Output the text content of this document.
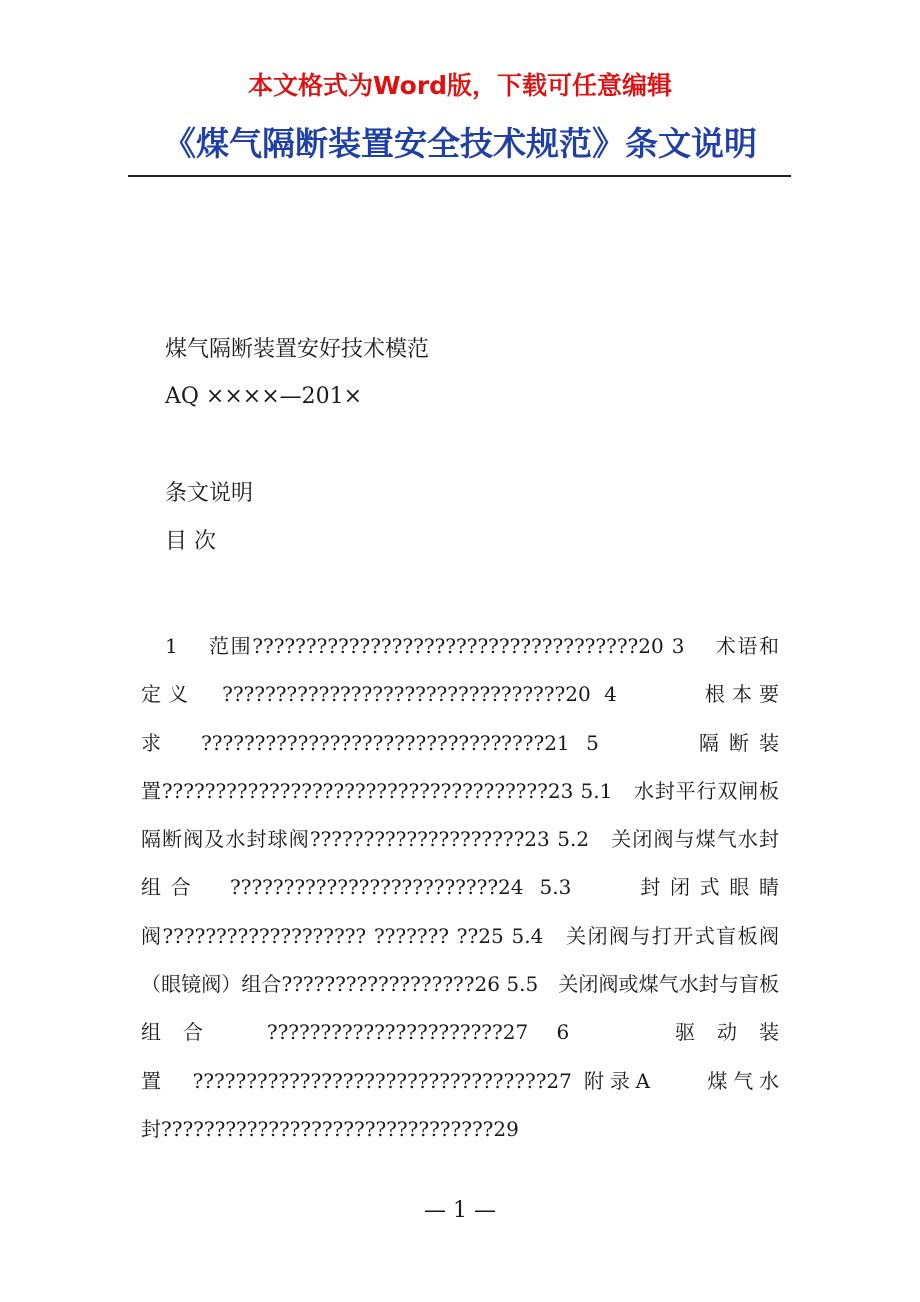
本文格式为Word版，下载可任意编辑
《煤气隔断装置安全技术规范》条文说明
煤气隔断装置安好技术模范
AQ ××××—201×
条文说明
目 次
1　 范围????????????????????????????????????20 3　 术语和定义　????????????????????????????????20 4　　　根本要求　????????????????????????????????21 5　　　隔断装置????????????????????????????????????23 5.1　水封平行双闸板隔断阀及水封球阀????????????????????23 5.2　关闭阀与煤气水封组合　?????????????????????????24 5.3　　封闭式眼睛阀??????????????????? ??????? ??25 5.4　关闭阀与打开式盲板阀（眼镜阀）组合??????????????????26 5.5　关闭阀或煤气水封与盲板组合　??????????????????????27 6　　驱动装置　?????????????????????????????????27 附录A　　煤气水封???????????????????????????????29
— 1 —
